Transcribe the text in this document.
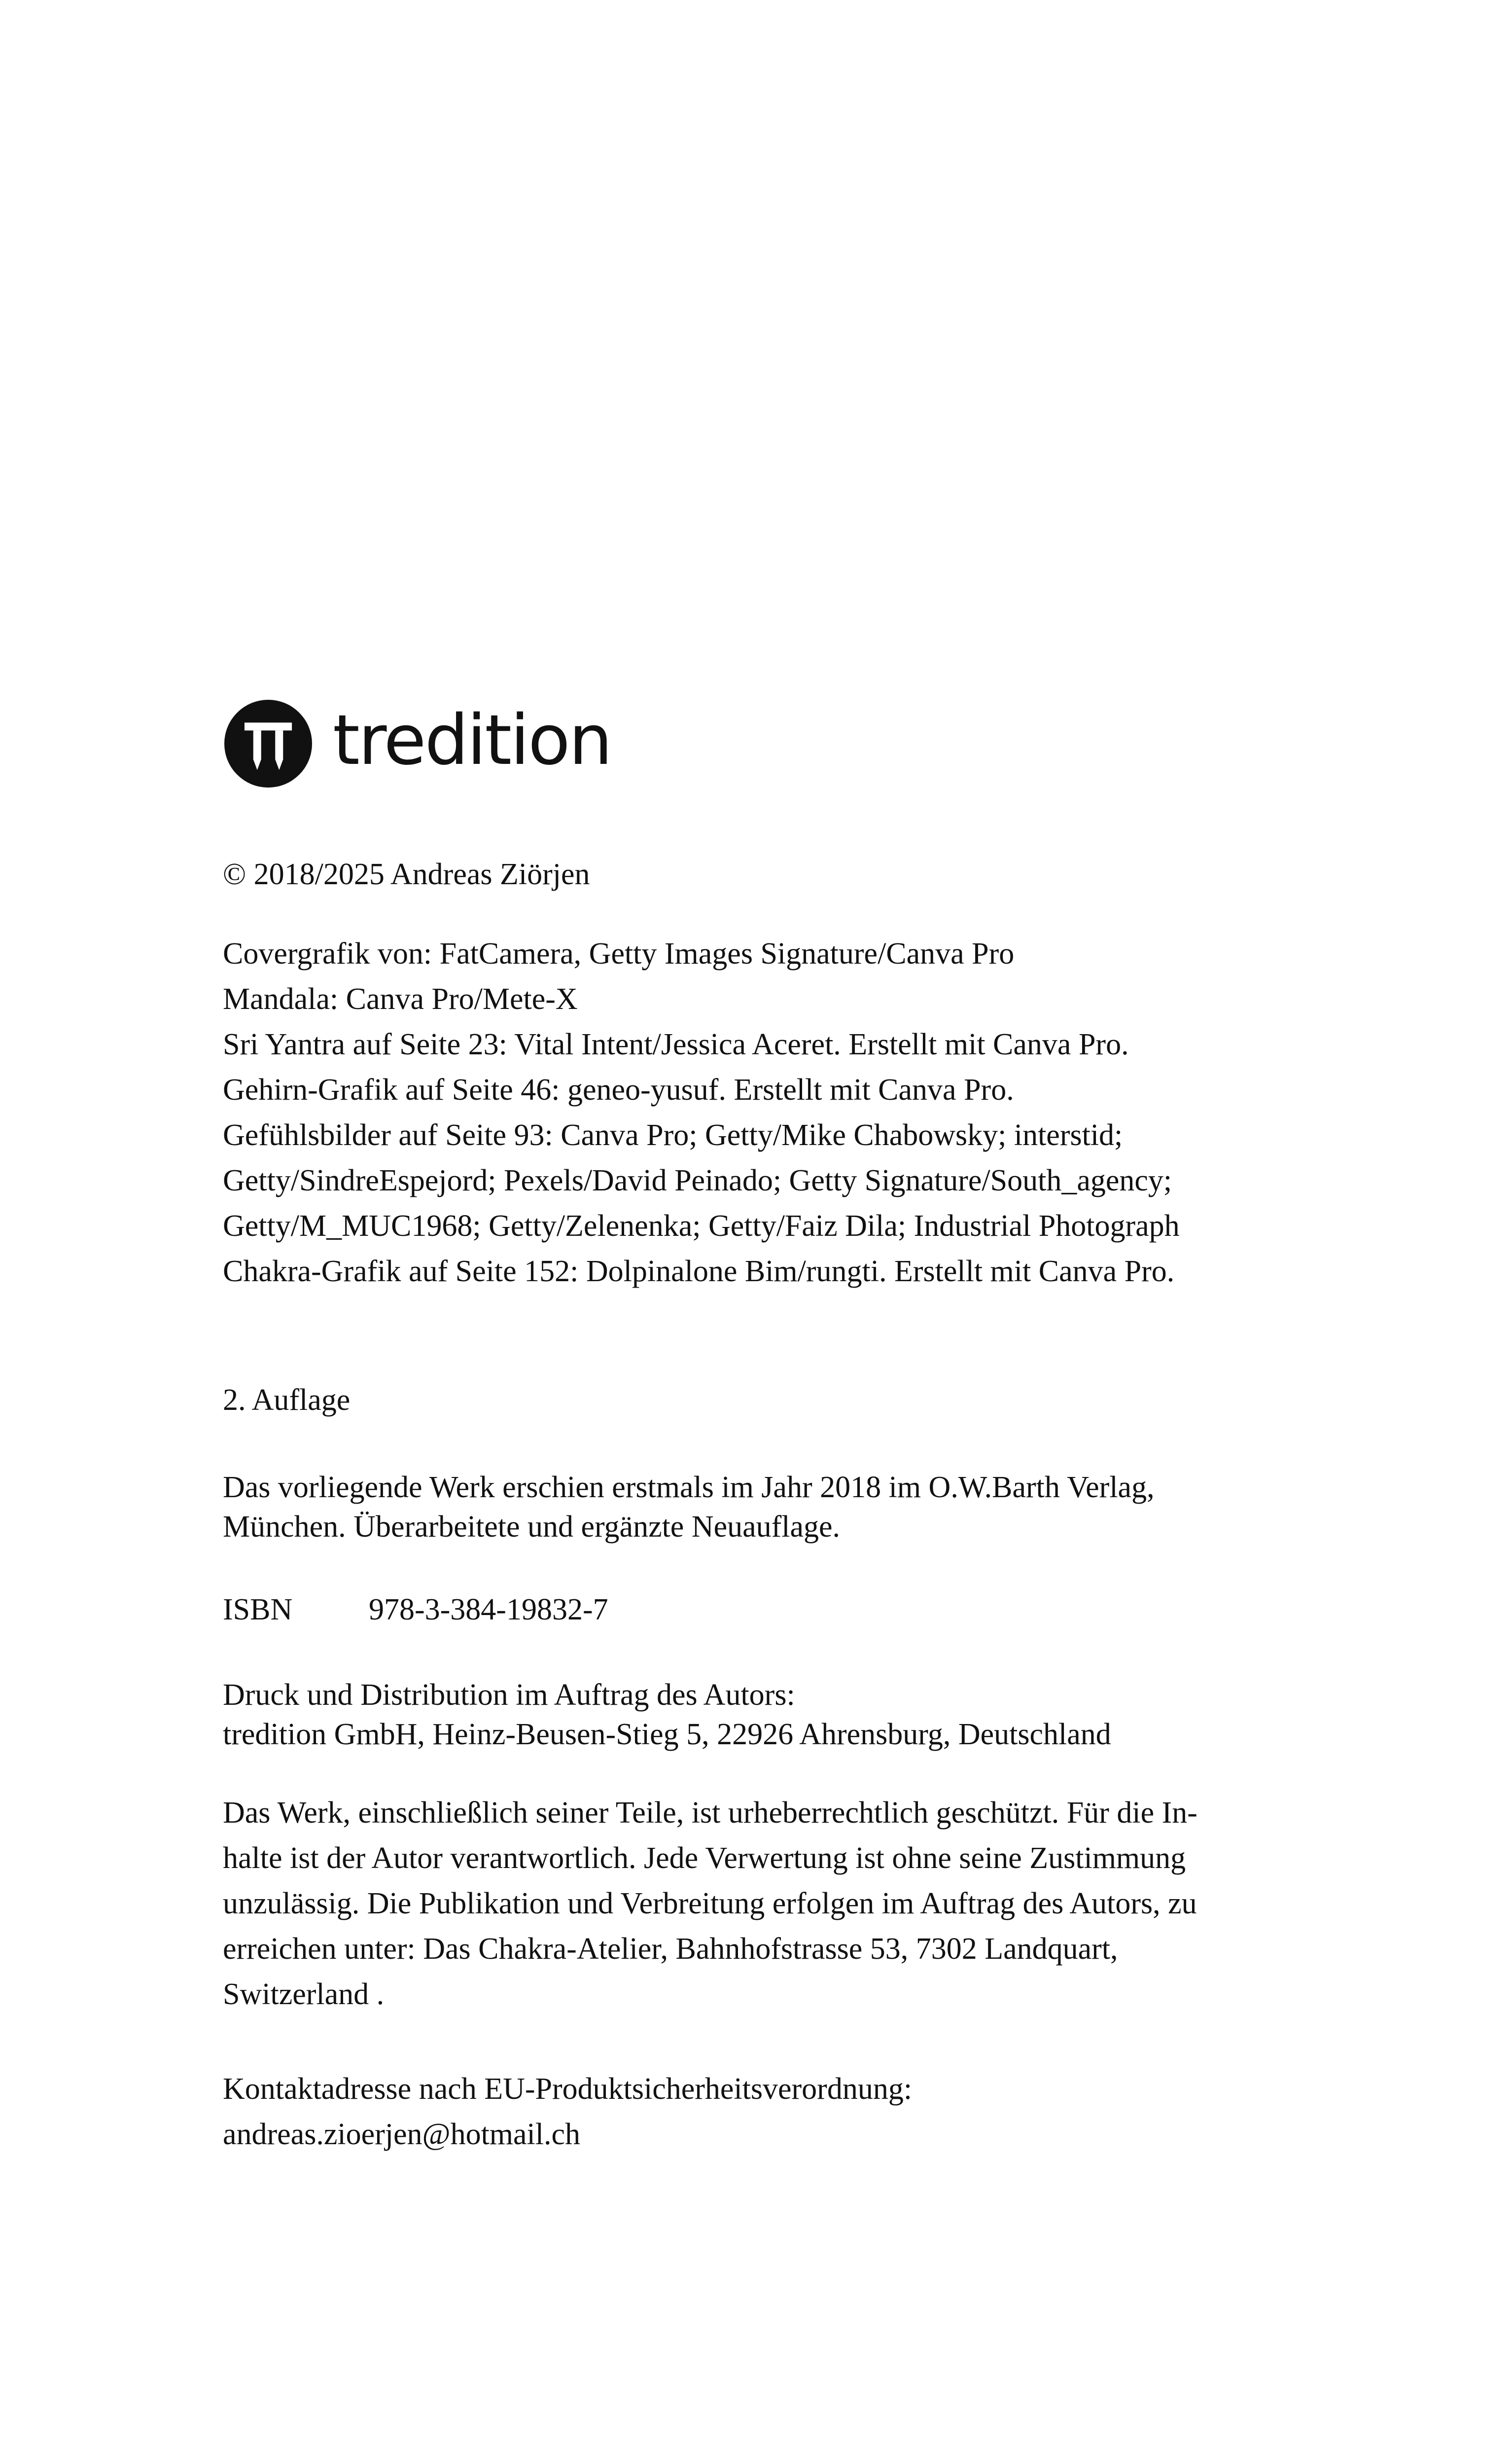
tredition
© 2018/2025 Andreas Ziörjen
Covergrafik von: FatCamera, Getty Images Signature/Canva Pro
Mandala: Canva Pro/Mete-X
Sri Yantra auf Seite 23: Vital Intent/Jessica Aceret. Erstellt mit Canva Pro.
Gehirn-Grafik auf Seite 46: geneo-yusuf. Erstellt mit Canva Pro.
Gefühlsbilder auf Seite 93: Canva Pro; Getty/Mike Chabowsky; interstid;
Getty/SindreEspejord; Pexels/David Peinado; Getty Signature/South_agency;
Getty/M_MUC1968; Getty/Zelenenka; Getty/Faiz Dila; Industrial Photograph
Chakra-Grafik auf Seite 152: Dolpinalone Bim/rungti. Erstellt mit Canva Pro.
2. Auflage
Das vorliegende Werk erschien erstmals im Jahr 2018 im O.W.Barth Verlag,
München. Überarbeitete und ergänzte Neuauflage.
ISBN 978-3-384-19832-7
Druck und Distribution im Auftrag des Autors:
tredition GmbH, Heinz-Beusen-Stieg 5, 22926 Ahrensburg, Deutschland
Das Werk, einschließlich seiner Teile, ist urheberrechtlich geschützt. Für die In-
halte ist der Autor verantwortlich. Jede Verwertung ist ohne seine Zustimmung
unzulässig. Die Publikation und Verbreitung erfolgen im Auftrag des Autors, zu
erreichen unter: Das Chakra-Atelier, Bahnhofstrasse 53, 7302 Landquart,
Switzerland .
Kontaktadresse nach EU-Produktsicherheitsverordnung:
andreas.zioerjen@hotmail.ch
